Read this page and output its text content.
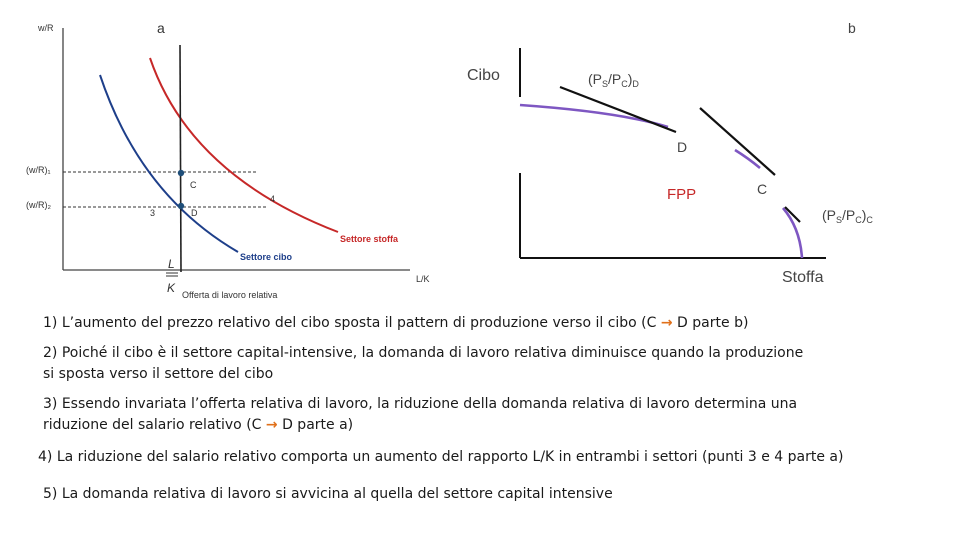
a
w/R
L/K
(w/R)₁
(w/R)₂
C
D
3
4
Settore stoffa
Settore cibo
L
K Offerta di lavoro relativa
b
Cibo
Stoffa
FPP
D
C
$(P_S/P_C)_D$
$(P_S/P_C)_C$
1) L’aumento del prezzo relativo del cibo sposta il pattern di produzione verso il cibo (C → D parte b)
2) Poiché il cibo è il settore capital-intensive, la domanda di lavoro relativa diminuisce quando la produzione
si sposta verso il settore del cibo
3) Essendo invariata l’offerta relativa di lavoro, la riduzione della domanda relativa di lavoro determina una
riduzione del salario relativo (C → D parte a)
4) La riduzione del salario relativo comporta un aumento del rapporto L/K in entrambi i settori (punti 3 e 4 parte a)
5) La domanda relativa di lavoro si avvicina al quella del settore capital intensive
